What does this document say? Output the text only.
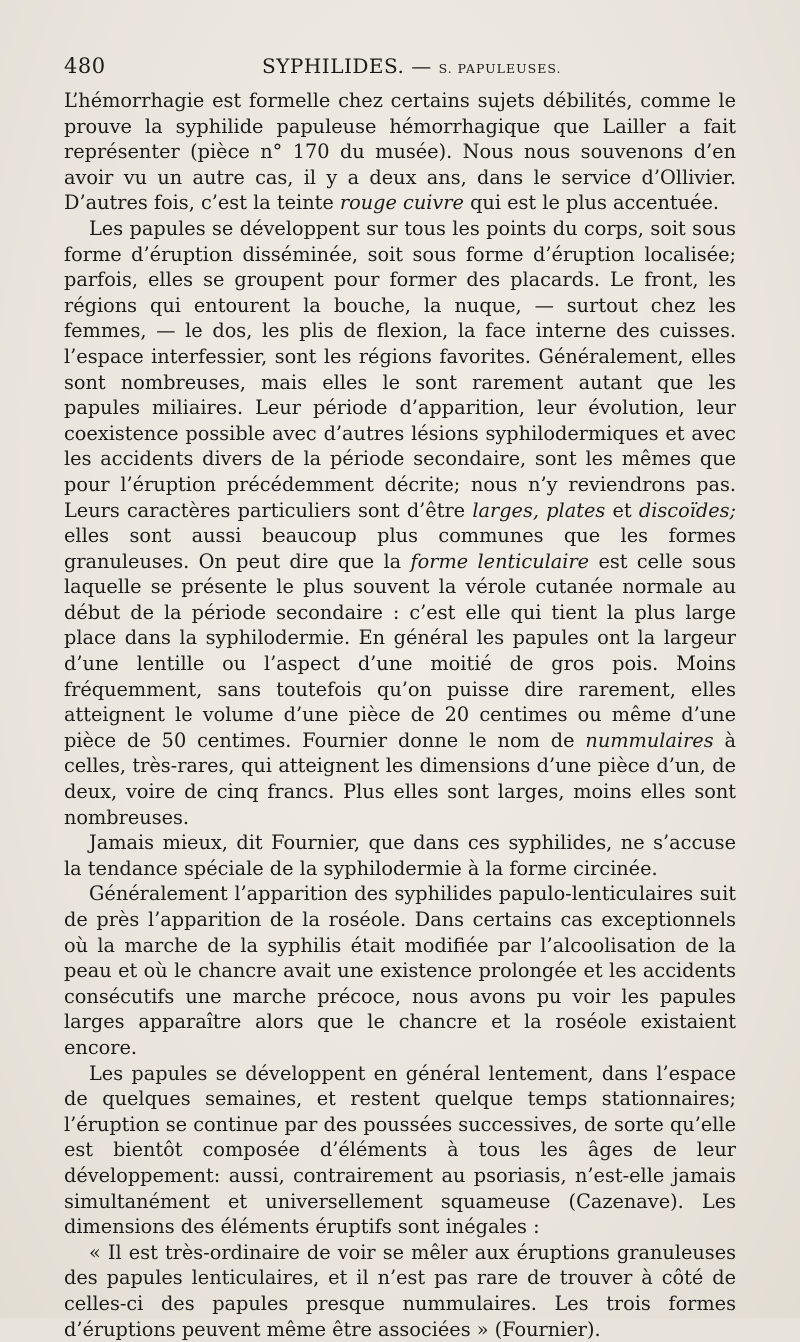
480	SYPHILIDES. — S. PAPULEUSES.

L’hémorrhagie est formelle chez certains sujets débilités, comme le prouve la syphilide papuleuse hémorrhagique que Lailler a fait représenter (pièce n° 170 du musée). Nous nous souvenons d’en avoir vu un autre cas, il y a deux ans, dans le service d’Ollivier. D’autres fois, c’est la teinte rouge cuivre qui est le plus accentuée.

Les papules se développent sur tous les points du corps, soit sous forme d’éruption disséminée, soit sous forme d’éruption localisée; parfois, elles se groupent pour former des placards. Le front, les régions qui entourent la bouche, la nuque, — surtout chez les femmes, — le dos, les plis de flexion, la face interne des cuisses. l’espace interfessier, sont les régions favorites. Généralement, elles sont nombreuses, mais elles le sont rarement autant que les papules miliaires. Leur période d’apparition, leur évolution, leur coexistence possible avec d’autres lésions syphilodermiques et avec les accidents divers de la période secondaire, sont les mêmes que pour l’éruption précédemment décrite; nous n’y reviendrons pas. Leurs caractères particuliers sont d’être larges, plates et discoïdes; elles sont aussi beaucoup plus communes que les formes granuleuses. On peut dire que la forme lenticulaire est celle sous laquelle se présente le plus souvent la vérole cutanée normale au début de la période secondaire : c’est elle qui tient la plus large place dans la syphilodermie. En général les papules ont la largeur d’une lentille ou l’aspect d’une moitié de gros pois. Moins fréquemment, sans toutefois qu’on puisse dire rarement, elles atteignent le volume d’une pièce de 20 centimes ou même d’une pièce de 50 centimes. Fournier donne le nom de nummulaires à celles, très-rares, qui atteignent les dimensions d’une pièce d’un, de deux, voire de cinq francs. Plus elles sont larges, moins elles sont nombreuses.

Jamais mieux, dit Fournier, que dans ces syphilides, ne s’accuse la tendance spéciale de la syphilodermie à la forme circinée.

Généralement l’apparition des syphilides papulo-lenticulaires suit de près l’apparition de la roséole. Dans certains cas exceptionnels où la marche de la syphilis était modifiée par l’alcoolisation de la peau et où le chancre avait une existence prolongée et les accidents consécutifs une marche précoce, nous avons pu voir les papules larges apparaître alors que le chancre et la roséole existaient encore.

Les papules se développent en général lentement, dans l’espace de quelques semaines, et restent quelque temps stationnaires; l’éruption se continue par des poussées successives, de sorte qu’elle est bientôt composée d’éléments à tous les âges de leur développement: aussi, contrairement au psoriasis, n’est-elle jamais simultanément et universellement squameuse (Cazenave). Les dimensions des éléments éruptifs sont inégales :

« Il est très-ordinaire de voir se mêler aux éruptions granuleuses des papules lenticulaires, et il n’est pas rare de trouver à côté de celles-ci des papules presque nummulaires. Les trois formes d’éruptions peuvent même être associées » (Fournier).
